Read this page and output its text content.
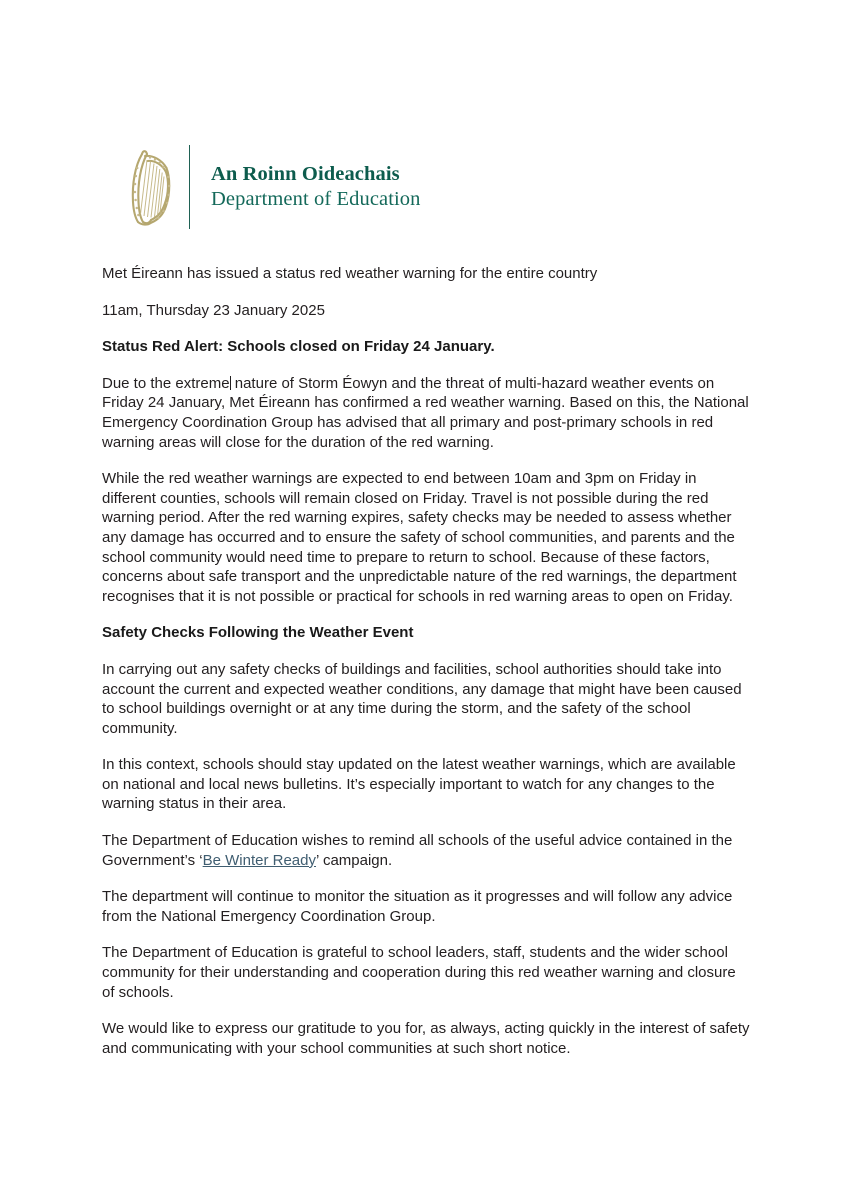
An Roinn Oideachais
Department of Education

Met Éireann has issued a status red weather warning for the entire country

11am, Thursday 23 January 2025

Status Red Alert: Schools closed on Friday 24 January.

Due to the extreme nature of Storm Éowyn and the threat of multi-hazard weather events on Friday 24 January, Met Éireann has confirmed a red weather warning. Based on this, the National Emergency Coordination Group has advised that all primary and post-primary schools in red warning areas will close for the duration of the red warning.

While the red weather warnings are expected to end between 10am and 3pm on Friday in different counties, schools will remain closed on Friday. Travel is not possible during the red warning period. After the red warning expires, safety checks may be needed to assess whether any damage has occurred and to ensure the safety of school communities, and parents and the school community would need time to prepare to return to school. Because of these factors, concerns about safe transport and the unpredictable nature of the red warnings, the department recognises that it is not possible or practical for schools in red warning areas to open on Friday.

Safety Checks Following the Weather Event

In carrying out any safety checks of buildings and facilities, school authorities should take into account the current and expected weather conditions, any damage that might have been caused to school buildings overnight or at any time during the storm, and the safety of the school community.

In this context, schools should stay updated on the latest weather warnings, which are available on national and local news bulletins. It’s especially important to watch for any changes to the warning status in their area.

The Department of Education wishes to remind all schools of the useful advice contained in the Government’s ‘Be Winter Ready’ campaign.

The department will continue to monitor the situation as it progresses and will follow any advice from the National Emergency Coordination Group.

The Department of Education is grateful to school leaders, staff, students and the wider school community for their understanding and cooperation during this red weather warning and closure of schools.

We would like to express our gratitude to you for, as always, acting quickly in the interest of safety and communicating with your school communities at such short notice.
